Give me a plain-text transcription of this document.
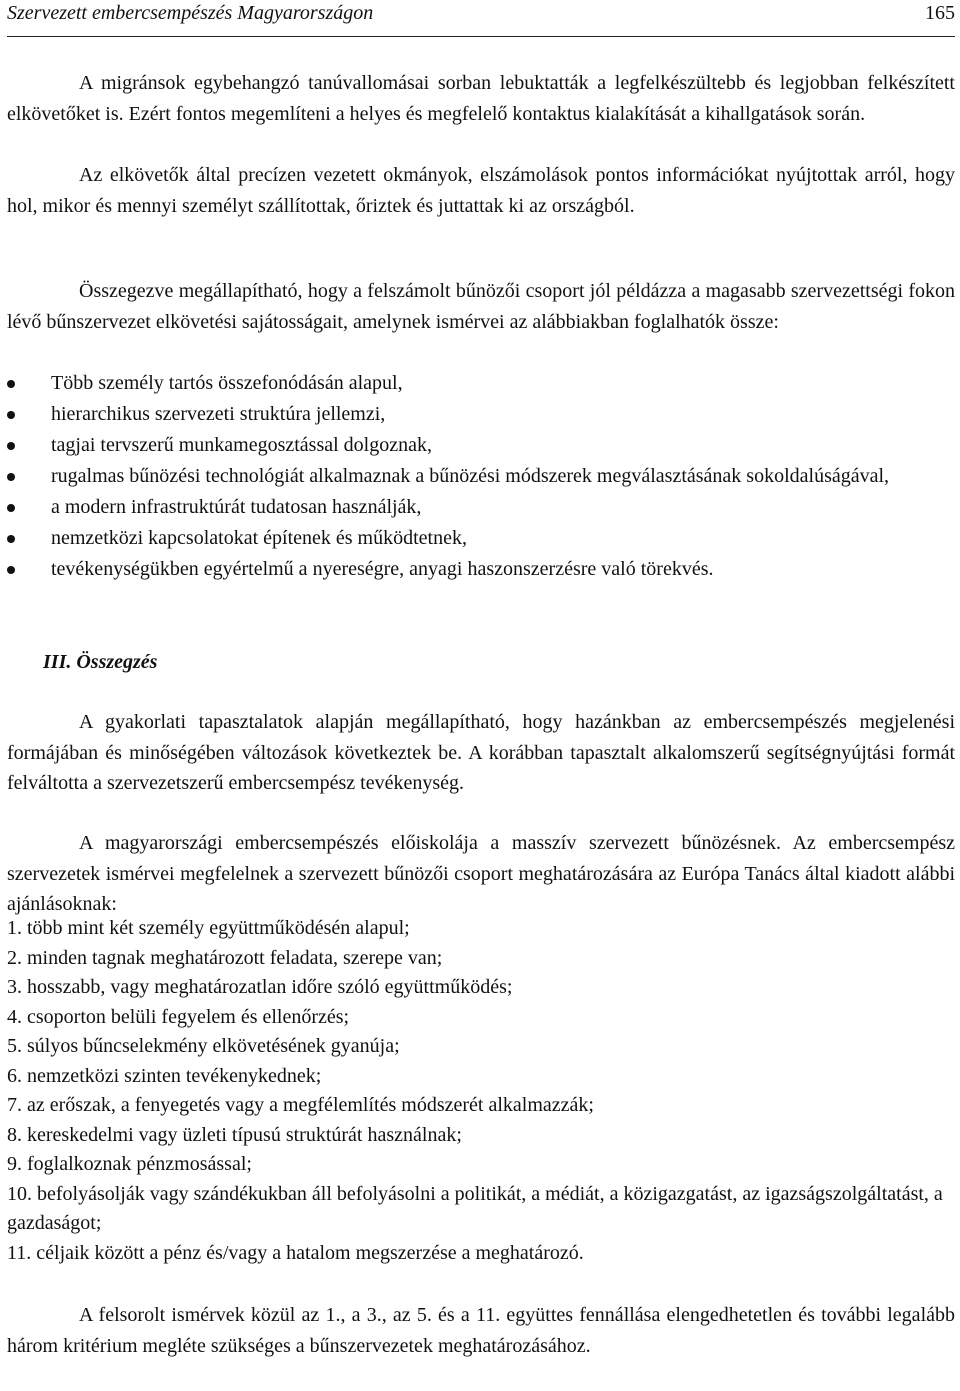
Szervezett embercsempészés Magyarországon	165

A migránsok egybehangzó tanúvallomásai sorban lebuktatták a legfelkészültebb és legjobban felkészített elkövetőket is. Ezért fontos megemlíteni a helyes és megfelelő kontaktus kialakítását a kihallgatások során.

Az elkövetők által precízen vezetett okmányok, elszámolások pontos információkat nyújtottak arról, hogy hol, mikor és mennyi személyt szállítottak, őriztek és juttattak ki az országból.

Összegezve megállapítható, hogy a felszámolt bűnözői csoport jól példázza a magasabb szervezettségi fokon lévő bűnszervezet elkövetési sajátosságait, amelynek ismérvei az alábbiakban foglalhatók össze:

Több személy tartós összefonódásán alapul,
hierarchikus szervezeti struktúra jellemzi,
tagjai tervszerű munkamegosztással dolgoznak,
rugalmas bűnözési technológiát alkalmaznak a bűnözési módszerek megválasztásának sokoldalúságával,
a modern infrastruktúrát tudatosan használják,
nemzetközi kapcsolatokat építenek és működtetnek,
tevékenységükben egyértelmű a nyereségre, anyagi haszonszerzésre való törekvés.
III. Összegzés

A gyakorlati tapasztalatok alapján megállapítható, hogy hazánkban az embercsempészés megjelenési formájában és minőségében változások következtek be. A korábban tapasztalt alkalomszerű segítségnyújtási formát felváltotta a szervezetszerű embercsempész tevékenység.

A magyarországi embercsempészés előiskolája a masszív szervezett bűnözésnek. Az embercsempész szervezetek ismérvei megfelelnek a szervezett bűnözői csoport meghatározására az Európa Tanács által kiadott alábbi ajánlásoknak:

1. több mint két személy együttműködésén alapul;
2. minden tagnak meghatározott feladata, szerepe van;
3. hosszabb, vagy meghatározatlan időre szóló együttműködés;
4. csoporton belüli fegyelem és ellenőrzés;
5. súlyos bűncselekmény elkövetésének gyanúja;
6. nemzetközi szinten tevékenykednek;
7. az erőszak, a fenyegetés vagy a megfélemlítés módszerét alkalmazzák;
8. kereskedelmi vagy üzleti típusú struktúrát használnak;
9. foglalkoznak pénzmosással;
10. befolyásolják vagy szándékukban áll befolyásolni a politikát, a médiát, a közigazgatást, az igazságszolgáltatást, a gazdaságot;
11. céljaik között a pénz és/vagy a hatalom megszerzése a meghatározó.

A felsorolt ismérvek közül az 1., a 3., az 5. és a 11. együttes fennállása elengedhetetlen és további legalább három kritérium megléte szükséges a bűnszervezetek meghatározásához.
